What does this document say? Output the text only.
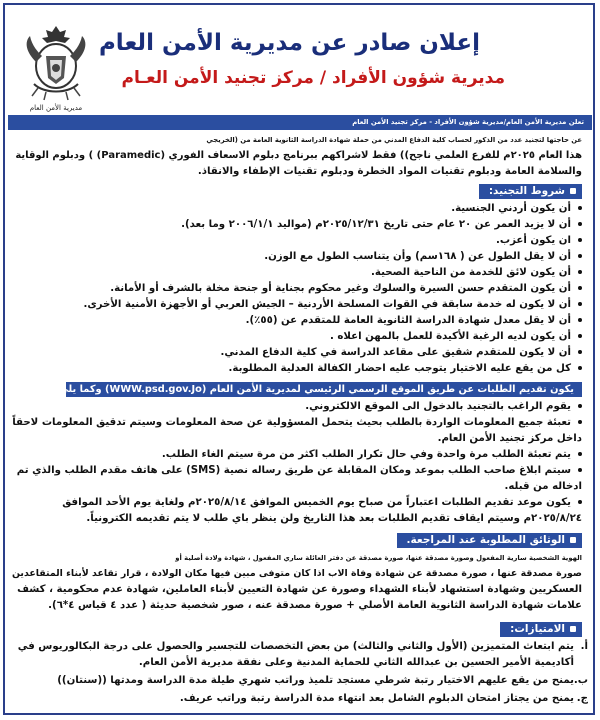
مديرية الأمن العام
إعلان صادر عن مديرية الأمن العام
مديرية شؤون الأفراد / مركز تجنيد الأمن العـام
تعلن مديرية الأمن العام/مديرية شؤون الأفراد - مركز تجنيد الأمن العام
عن حاجتها لتجنيد عدد من الذكور لحساب كلية الدفاع المدني من حملة شهادة الدراسة الثانوية العامة من (الخريجي
هذا العام ٢٠٢٥م للفرع العلمي ناجح)) فقط لاشراكهم ببرنامج دبلوم الاسعاف الفوري (Paramedic) ) ودبلوم الوقاية
والسلامة العامة ودبلوم تقنيات المواد الخطرة ودبلوم تقنيات الإطفاء والانقاذ.
شروط التجنيد:
أن يكون أردني الجنسية.
أن لا يزيد العمر عن ٢٠ عام حتى تاريخ ٢٠٢٥/١٢/٣١م (مواليد ٢٠٠٦/١/١ وما بعد).
ان يكون أعزب.
أن لا يقل الطول عن ( ١٦٨سم) وأن يتناسب الطول مع الوزن.
أن يكون لائق للخدمة من الناحية الصحية.
أن يكون المتقدم حسن السيرة والسلوك وغير محكوم بجناية أو جنحة مخلة بالشرف أو الأمانة.
أن لا يكون له خدمة سابقة في القوات المسلحة الأردنية – الجيش العربي أو الأجهزة الأمنية الأخرى.
أن لا يقل معدل شهادة الدراسة الثانوية العامة للمتقدم عن (٥٥٪).
أن يكون لديه الرغبة الأكيدة للعمل بالمهن اعلاه .
أن لا يكون للمتقدم شقيق على مقاعد الدراسة في كلية الدفاع المدني.
كل من يقع عليه الاختيار يتوجب عليه احضار الكفالة العدلية المطلوبة.
يكون تقديم الطلبات عن طريق الموقع الرسمي الرئيسي لمديرية الأمن العام (WWW.psd.gov.Jo) وكما يلي:
يقوم الراغب بالتجنيد بالدخول الى الموقع الالكتروني.
تعبئة جميع المعلومات الواردة بالطلب بحيث يتحمل المسؤولية عن صحة المعلومات وسيتم تدقيق المعلومات لاحقاً
داخل مركز تجنيد الأمن العام.
يتم تعبئة الطلب مرة واحدة وفي حال تكرار الطلب اكثر من مرة سيتم الغاء الطلب.
سيتم ابلاغ صاحب الطلب بموعد ومكان المقابلة عن طريق رساله نصية (SMS) على هاتف مقدم الطلب والذي تم
ادخاله من قبله.
يكون موعد تقديم الطلبات اعتباراً من صباح يوم الخميس الموافق ٢٠٢٥/٨/١٤م ولغاية يوم الأحد الموافق
٢٠٢٥/٨/٢٤م وسيتم ايقاف تقديم الطلبات بعد هذا التاريخ ولن ينظر باي طلب لا يتم تقديمه الكترونياً.
الوثائق المطلوبة عند المراجعة.
الهوية الشخصية سارية المفعول وصورة مصدقة عنها، صورة مصدقة عن دفتر العائلة ساري المفعول ، شهادة ولادة أصلية أو
صورة مصدقة عنها ، صورة مصدقة عن شهادة وفاة الاب اذا كان متوفى مبين فيها مكان الولادة ، قرار تقاعد لأبناء المتقاعدين
العسكريين وشهادة استشهاد لأبناء الشهداء وصورة عن شهادة التعيين لأبناء العاملين، شهادة عدم محكومية ، كشف
علامات شهادة الدراسة الثانوية العامة الأصلي + صورة مصدقة عنه ، صور شخصية حديثة ( عدد ٤ قياس ٤*٦).
الامتيازات:
أ.يتم ابتعاث المتميزين (الأول والثاني والثالث) من بعض التخصصات للتجسير والحصول على درجة البكالوريوس في
أكاديمية الأمير الحسين بن عبدالله الثاني للحماية المدنية وعلى نفقة مديرية الأمن العام.
ب.يمنح من يقع عليهم الاختيار رتبة شرطي مستجد تلميذ وراتب شهري طيلة مدة الدراسة ومدتها ((سنتان))
ج.يمنح من يجتاز امتحان الدبلوم الشامل بعد انتهاء مدة الدراسة رتبة وراتب عريف.
